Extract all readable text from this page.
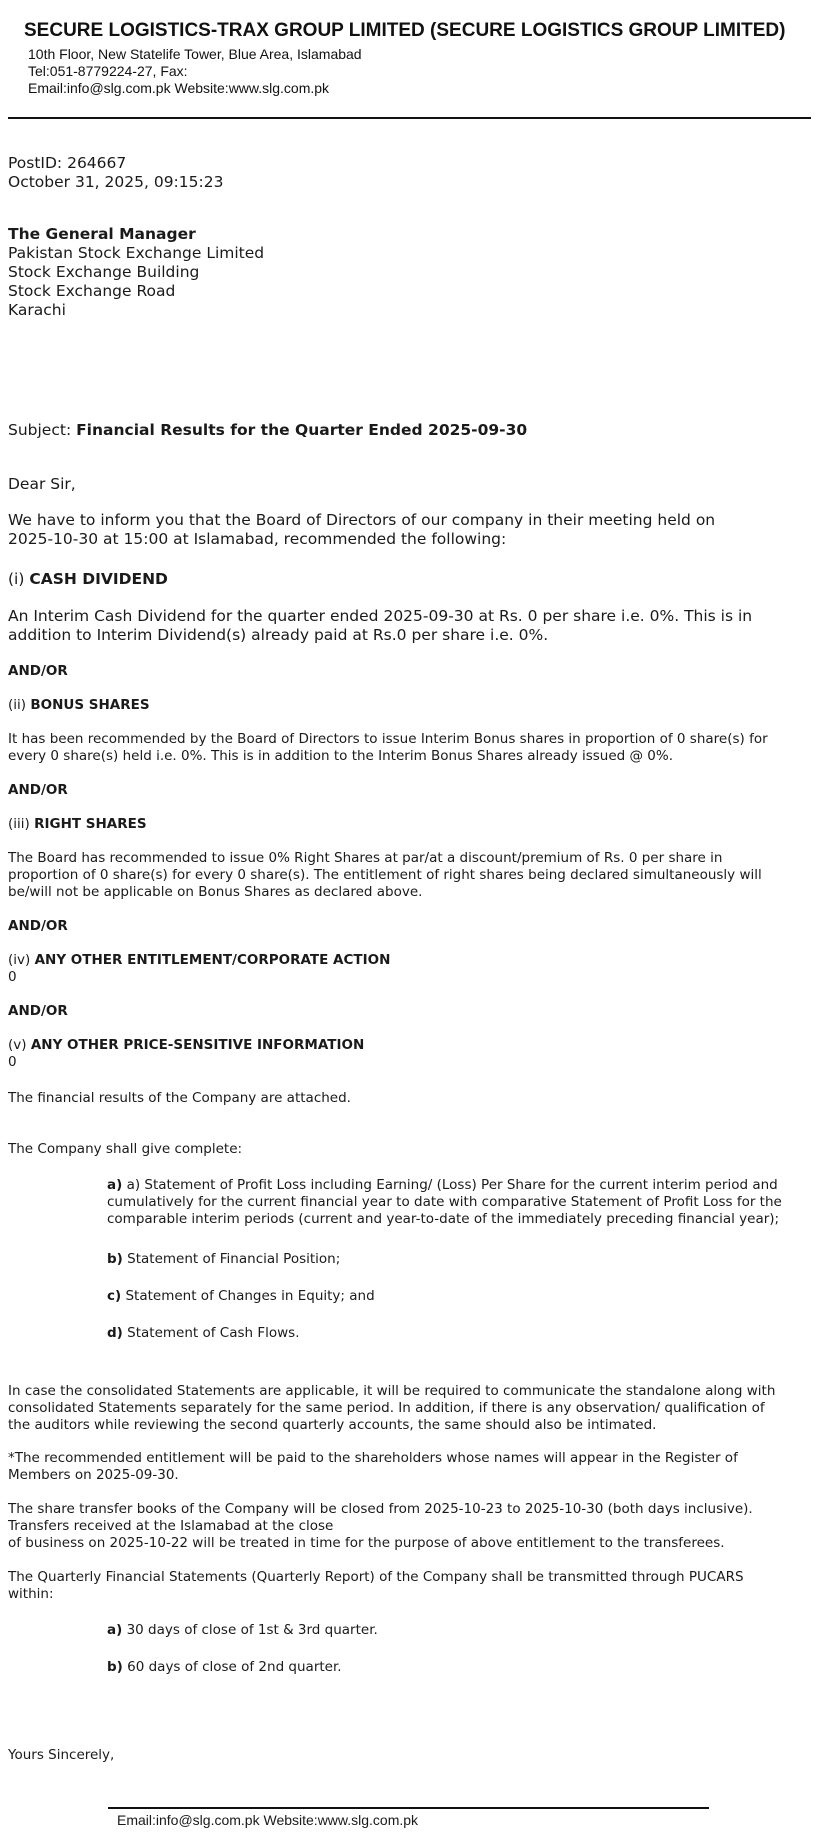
SECURE LOGISTICS-TRAX GROUP LIMITED (SECURE LOGISTICS GROUP LIMITED)
10th Floor, New Statelife Tower, Blue Area, Islamabad
Tel:051-8779224-27, Fax:
Email:info@slg.com.pk Website:www.slg.com.pk
PostID: 264667
October 31, 2025, 09:15:23
The General Manager
Pakistan Stock Exchange Limited
Stock Exchange Building
Stock Exchange Road
Karachi
Subject: Financial Results for the Quarter Ended 2025-09-30
Dear Sir,
We have to inform you that the Board of Directors of our company in their meeting held on
2025-10-30 at 15:00 at Islamabad, recommended the following:
(i) CASH DIVIDEND
An Interim Cash Dividend for the quarter ended 2025-09-30 at Rs. 0 per share i.e. 0%. This is in
addition to Interim Dividend(s) already paid at Rs.0 per share i.e. 0%.
AND/OR
(ii) BONUS SHARES
It has been recommended by the Board of Directors to issue Interim Bonus shares in proportion of 0 share(s) for
every 0 share(s) held i.e. 0%. This is in addition to the Interim Bonus Shares already issued @ 0%.
AND/OR
(iii) RIGHT SHARES
The Board has recommended to issue 0% Right Shares at par/at a discount/premium of Rs. 0 per share in
proportion of 0 share(s) for every 0 share(s). The entitlement of right shares being declared simultaneously will
be/will not be applicable on Bonus Shares as declared above.
AND/OR
(iv) ANY OTHER ENTITLEMENT/CORPORATE ACTION
0
AND/OR
(v) ANY OTHER PRICE-SENSITIVE INFORMATION
0
The financial results of the Company are attached.
The Company shall give complete:
a) a) Statement of Profit Loss including Earning/ (Loss) Per Share for the current interim period and
cumulatively for the current financial year to date with comparative Statement of Profit Loss for the
comparable interim periods (current and year-to-date of the immediately preceding financial year);
b) Statement of Financial Position;
c) Statement of Changes in Equity; and
d) Statement of Cash Flows.
In case the consolidated Statements are applicable, it will be required to communicate the standalone along with
consolidated Statements separately for the same period. In addition, if there is any observation/ qualification of
the auditors while reviewing the second quarterly accounts, the same should also be intimated.
*The recommended entitlement will be paid to the shareholders whose names will appear in the Register of
Members on 2025-09-30.
The share transfer books of the Company will be closed from 2025-10-23 to 2025-10-30 (both days inclusive).
Transfers received at the Islamabad at the close
of business on 2025-10-22 will be treated in time for the purpose of above entitlement to the transferees.
The Quarterly Financial Statements (Quarterly Report) of the Company shall be transmitted through PUCARS
within:
a) 30 days of close of 1st & 3rd quarter.
b) 60 days of close of 2nd quarter.
Yours Sincerely,
Email:info@slg.com.pk Website:www.slg.com.pk
